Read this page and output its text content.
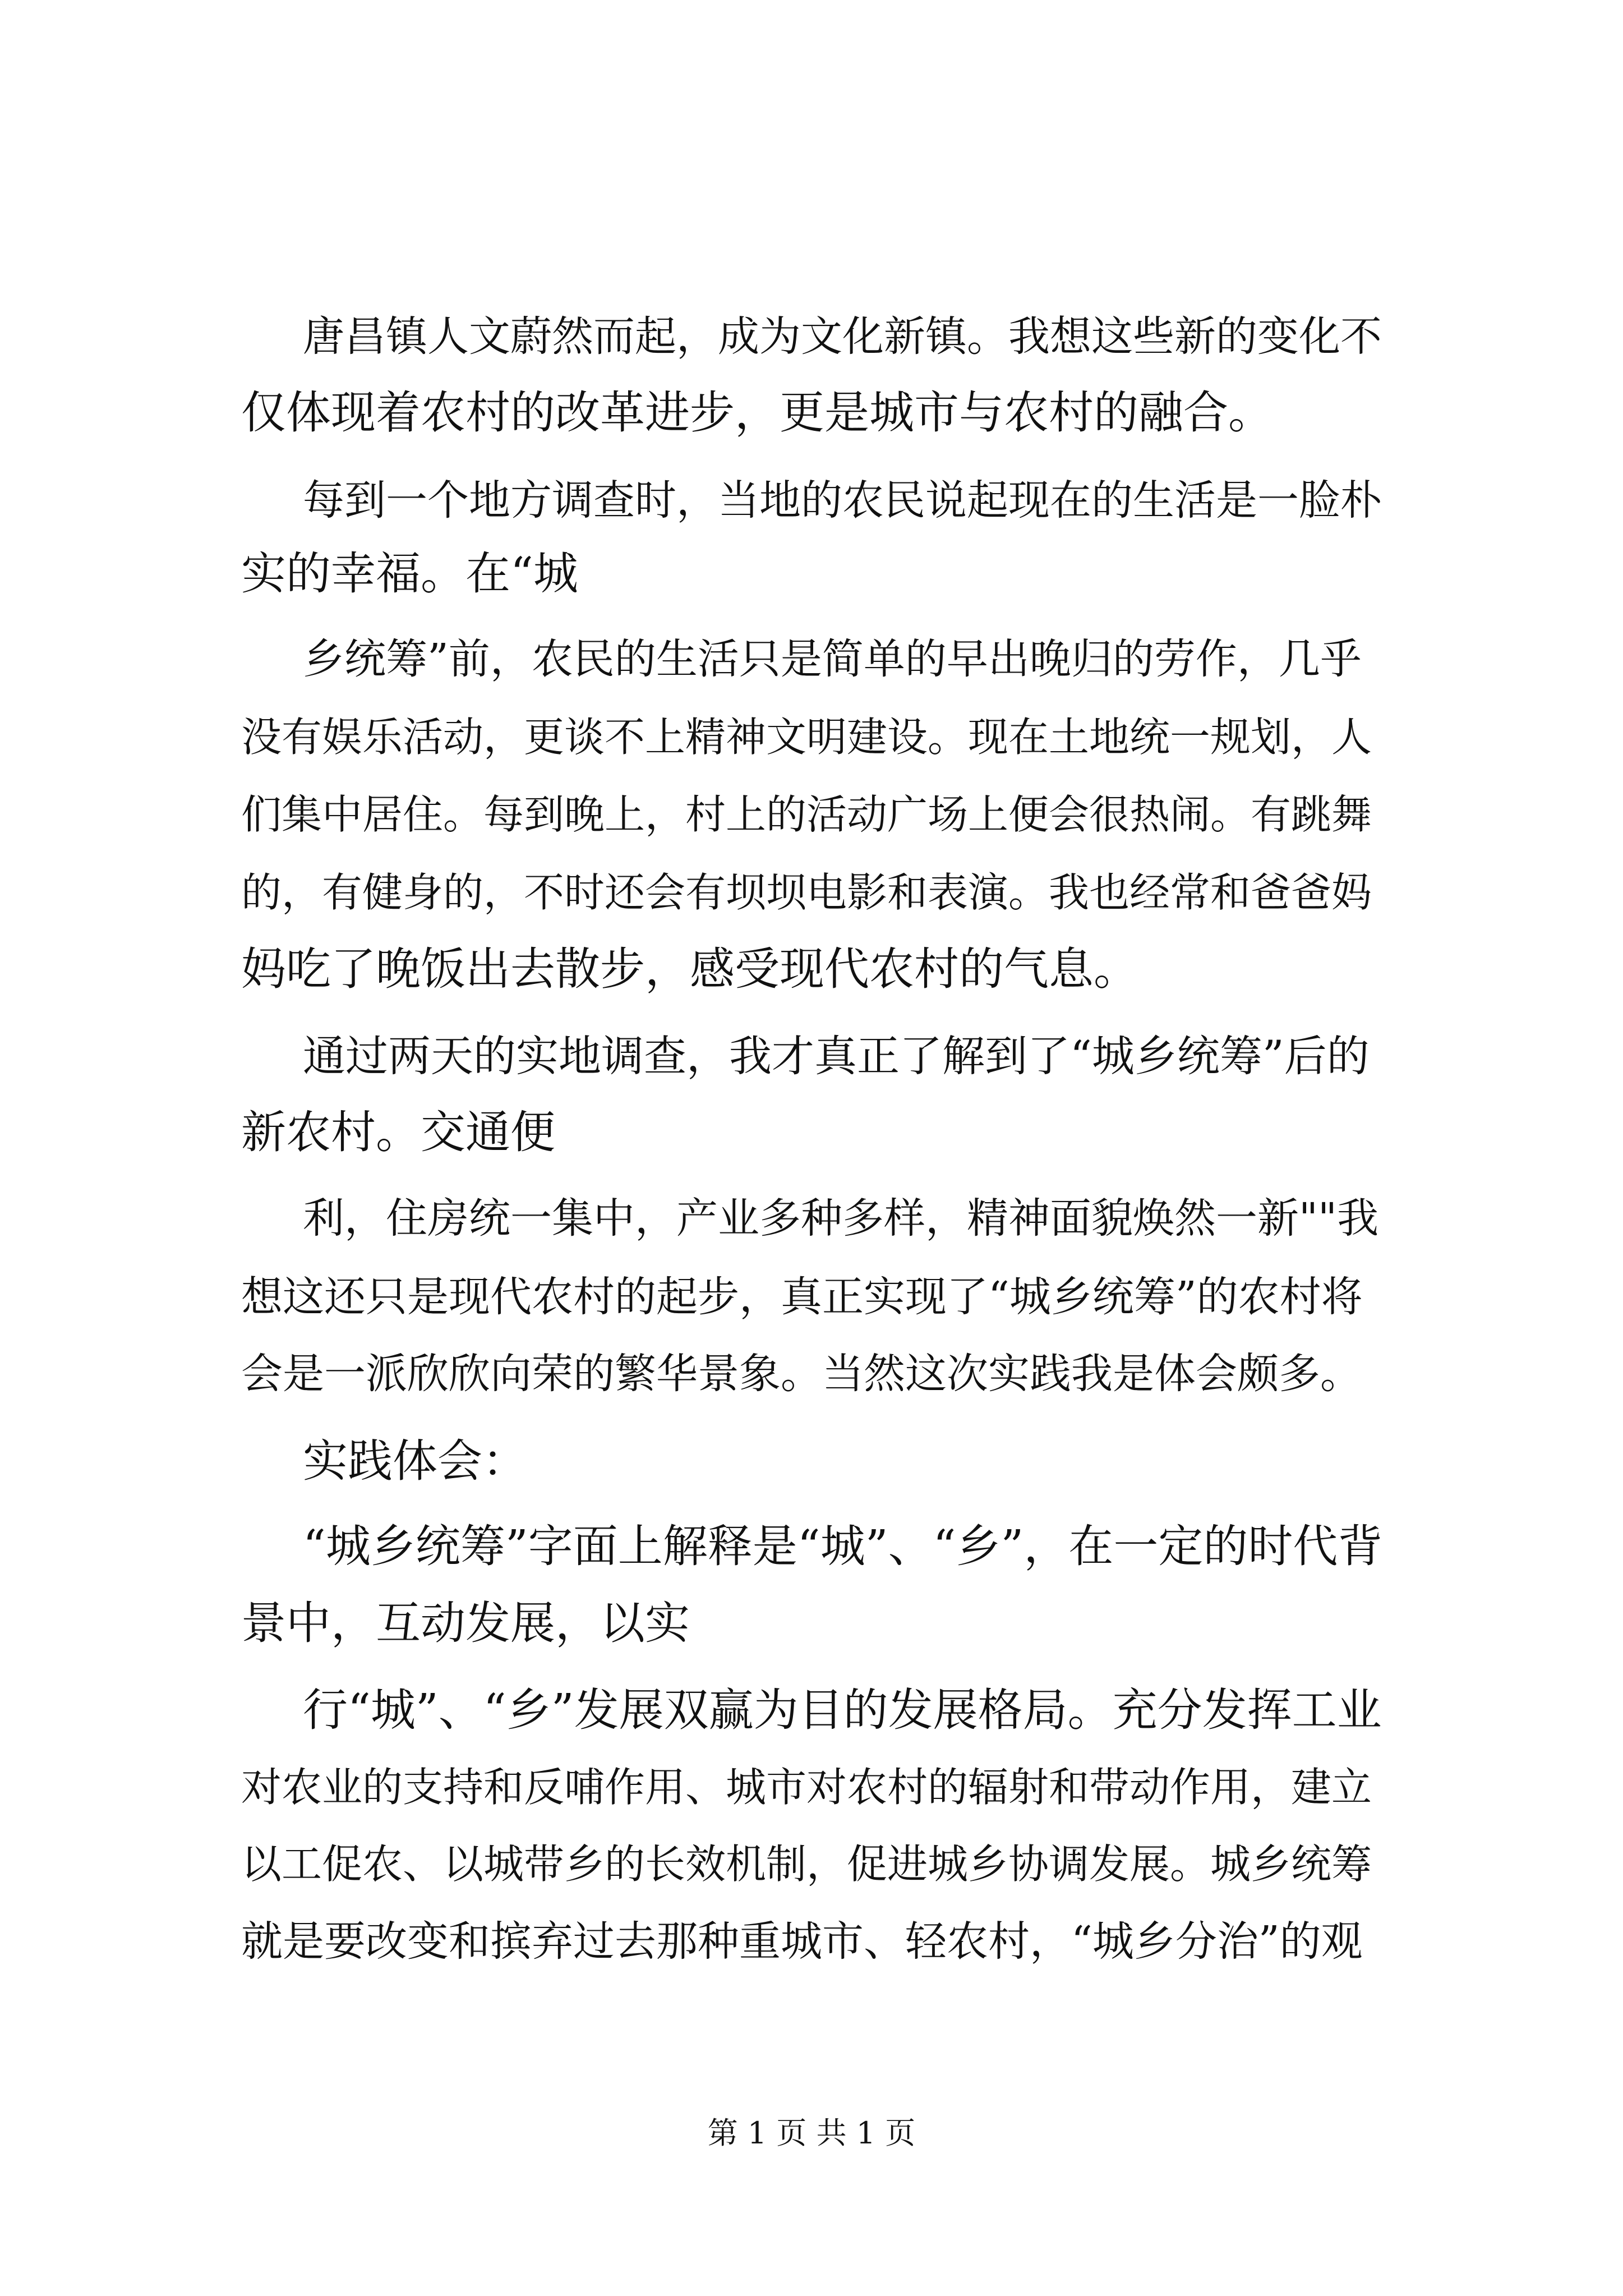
唐昌镇人文蔚然而起，成为文化新镇。我想这些新的变化不
仅体现着农村的改革进步，更是城市与农村的融合。
每到一个地方调查时，当地的农民说起现在的生活是一脸朴
实的幸福。在“城
乡统筹”前，农民的生活只是简单的早出晚归的劳作，几乎
没有娱乐活动，更谈不上精神文明建设。现在土地统一规划，人
们集中居住。每到晚上，村上的活动广场上便会很热闹。有跳舞
的，有健身的，不时还会有坝坝电影和表演。我也经常和爸爸妈
妈吃了晚饭出去散步，感受现代农村的气息。
通过两天的实地调查，我才真正了解到了“城乡统筹”后的
新农村。交通便
利，住房统一集中，产业多种多样，精神面貌焕然一新""我
想这还只是现代农村的起步，真正实现了“城乡统筹”的农村将
会是一派欣欣向荣的繁华景象。当然这次实践我是体会颇多。
实践体会：
“城乡统筹”字面上解释是“城”、“乡”，在一定的时代背
景中，互动发展，以实
行“城”、“乡”发展双赢为目的发展格局。充分发挥工业
对农业的支持和反哺作用、城市对农村的辐射和带动作用，建立
以工促农、以城带乡的长效机制，促进城乡协调发展。城乡统筹
就是要改变和摈弃过去那种重城市、轻农村，“城乡分治”的观
第 1 页 共 1 页
